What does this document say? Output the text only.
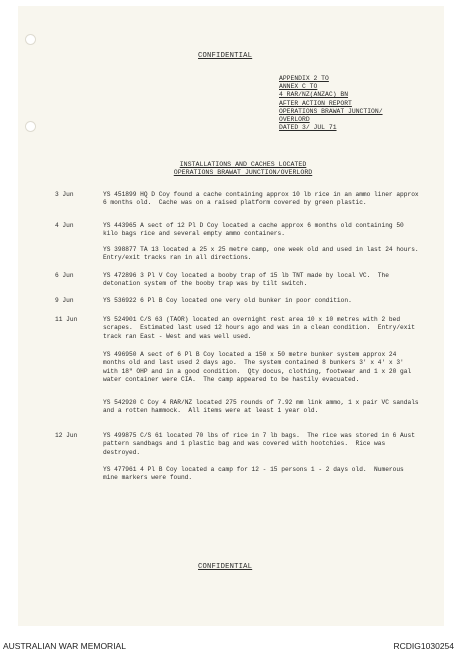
CONFIDENTIAL
APPENDIX 2 TO
ANNEX C TO
4 RAR/NZ(ANZAC) BN
AFTER ACTION REPORT
OPERATIONS BRAWAT JUNCTION/
OVERLORD
DATED 3/ JUL 71
INSTALLATIONS AND CACHES LOCATED
OPERATIONS BRAWAT JUNCTION/OVERLORD
3 Jun	YS 451899 HQ D Coy found a cache containing approx 10 lb rice in an ammo liner approx 6 months old.  Cache was on a raised platform covered by green plastic.
4 Jun	YS 443965 A sect of 12 Pl D Coy located a cache approx 6 months old containing 50 kilo bags rice and several empty ammo containers.
YS 398877 TA 13 located a 25 x 25 metre camp, one week old and used in last 24 hours.  Entry/exit tracks ran in all directions.
6 Jun	YS 472896 3 Pl V Coy located a booby trap of 15 lb TNT made by local VC.  The detonation system of the booby trap was by tilt switch.
9 Jun	YS 536922 6 Pl B Coy located one very old bunker in poor condition.
11 Jun	YS 524901 C/S 63 (TAOR) located an overnight rest area 10 x 10 metres with 2 bed scrapes.  Estimated last used 12 hours ago and was in a clean condition.  Entry/exit track ran East - West and was well used.
YS 496950 A sect of 6 Pl B Coy located a 150 x 50 metre bunker system approx 24 months old and last used 2 days ago.  The system contained 8 bunkers 3' x 4' x 3' with 18" OHP and in a good condition.  Qty docus, clothing, footwear and 1 x 20 gal water container were CIA.  The camp appeared to be hastily evacuated.
YS 542920 C Coy 4 RAR/NZ located 275 rounds of 7.92 mm link ammo, 1 x pair VC sandals and a rotten hammock.  All items were at least 1 year old.
12 Jun	YS 499875 C/S 61 located 70 lbs of rice in 7 lb bags.  The rice was stored in 6 Aust pattern sandbags and 1 plastic bag and was covered with hootchies.  Rice was destroyed.
YS 477961 4 Pl B Coy located a camp for 12 - 15 persons 1 - 2 days old.  Numerous mine markers were found.
CONFIDENTIAL
AUSTRALIAN WAR MEMORIAL	RCDIG1030254
